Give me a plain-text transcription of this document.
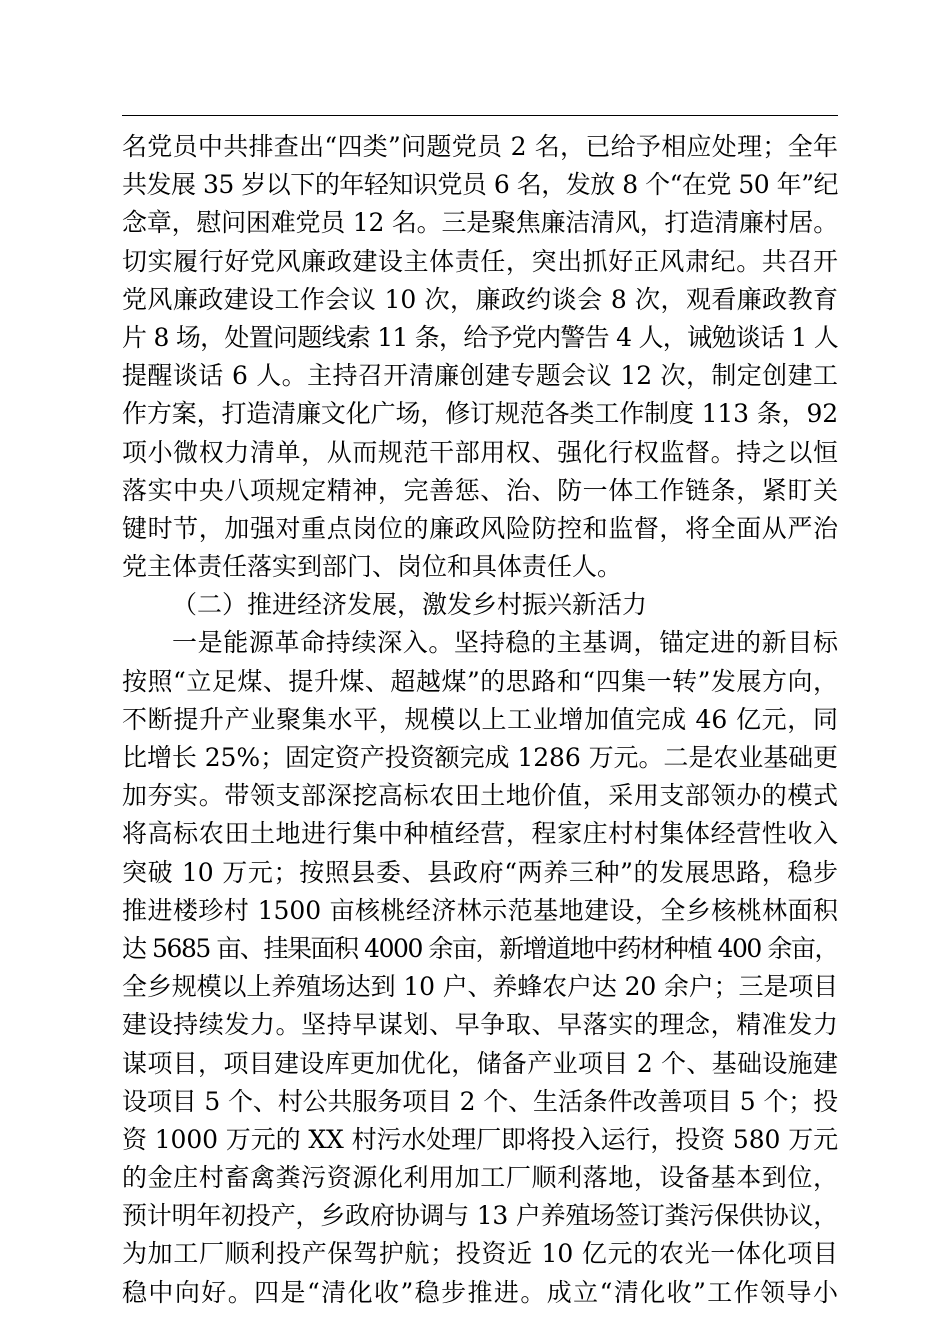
名党员中共排查出“四类”问题党员 2 名，已给予相应处理；全年
共发展 35 岁以下的年轻知识党员 6 名，发放 8 个“在党 50 年”纪
念章，慰问困难党员 12 名。三是聚焦廉洁清风，打造清廉村居。
切实履行好党风廉政建设主体责任，突出抓好正风肃纪。共召开
党风廉政建设工作会议 10 次，廉政约谈会 8 次，观看廉政教育
片 8 场，处置问题线索 11 条，给予党内警告 4 人，诫勉谈话 1 人
提醒谈话 6 人。主持召开清廉创建专题会议 12 次，制定创建工
作方案，打造清廉文化广场，修订规范各类工作制度 113 条，92
项小微权力清单，从而规范干部用权、强化行权监督。持之以恒
落实中央八项规定精神，完善惩、治、防一体工作链条，紧盯关
键时节，加强对重点岗位的廉政风险防控和监督，将全面从严治
党主体责任落实到部门、岗位和具体责任人。
（二）推进经济发展，激发乡村振兴新活力
一是能源革命持续深入。坚持稳的主基调，锚定进的新目标
按照“立足煤、提升煤、超越煤”的思路和“四集一转”发展方向，
不断提升产业聚集水平，规模以上工业增加值完成 46 亿元，同
比增长 25%；固定资产投资额完成 1286 万元。二是农业基础更
加夯实。带领支部深挖高标农田土地价值，采用支部领办的模式
将高标农田土地进行集中种植经营，程家庄村村集体经营性收入
突破 10 万元；按照县委、县政府“两养三种”的发展思路，稳步
推进楼珍村 1500 亩核桃经济林示范基地建设，全乡核桃林面积
达 5685 亩、挂果面积 4000 余亩，新增道地中药材种植 400 余亩，
全乡规模以上养殖场达到 10 户、养蜂农户达 20 余户；三是项目
建设持续发力。坚持早谋划、早争取、早落实的理念，精准发力
谋项目，项目建设库更加优化，储备产业项目 2 个、基础设施建
设项目 5 个、村公共服务项目 2 个、生活条件改善项目 5 个；投
资 1000 万元的 XX 村污水处理厂即将投入运行，投资 580 万元
的金庄村畜禽粪污资源化利用加工厂顺利落地，设备基本到位，
预计明年初投产，乡政府协调与 13 户养殖场签订粪污保供协议，
为加工厂顺利投产保驾护航；投资近 10 亿元的农光一体化项目
稳中向好。四是“清化收”稳步推进。成立“清化收”工作领导小
